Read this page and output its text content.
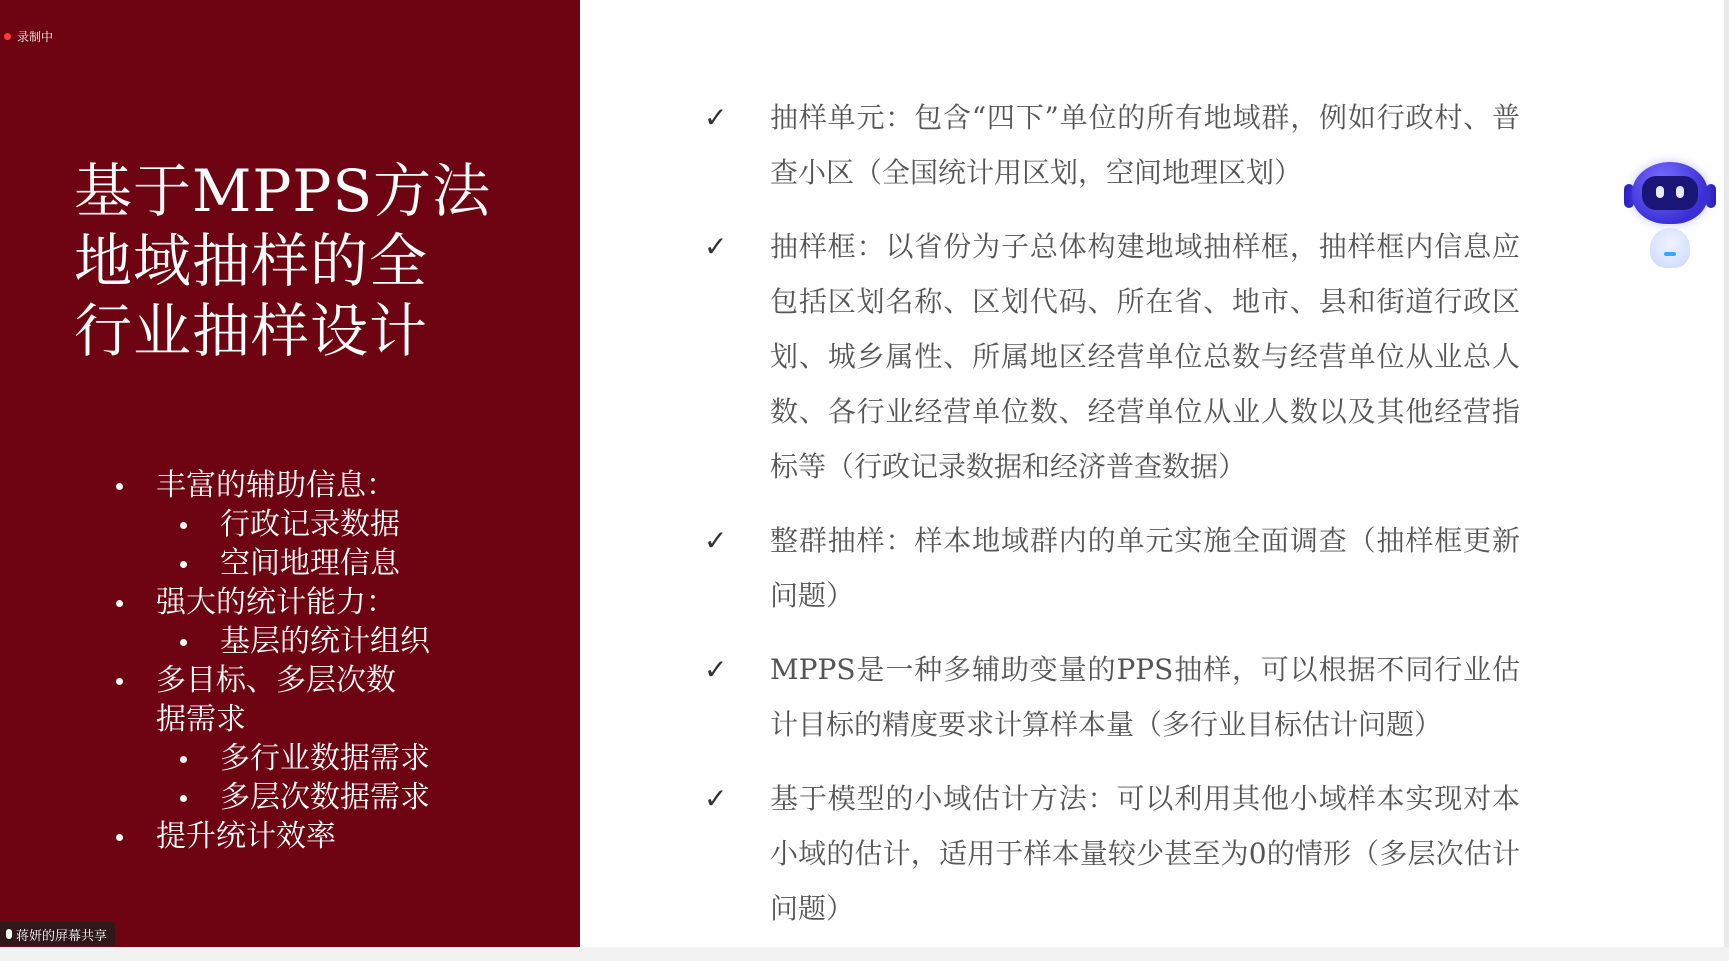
录制中
基于MPPS方法
地域抽样的全
行业抽样设计
丰富的辅助信息：
行政记录数据
空间地理信息
强大的统计能力：
基层的统计组织
多目标、多层次数据需求
多行业数据需求
多层次数据需求
提升统计效率
蒋妍的屏幕共享
✓ 抽样单元：包含“四下”单位的所有地域群，例如行政村、普查小区（全国统计用区划，空间地理区划）
✓ 抽样框：以省份为子总体构建地域抽样框，抽样框内信息应包括区划名称、区划代码、所在省、地市、县和街道行政区划、城乡属性、所属地区经营单位总数与经营单位从业总人数、各行业经营单位数、经营单位从业人数以及其他经营指标等（行政记录数据和经济普查数据）
✓ 整群抽样：样本地域群内的单元实施全面调查（抽样框更新问题）
✓ MPPS是一种多辅助变量的PPS抽样，可以根据不同行业估计目标的精度要求计算样本量（多行业目标估计问题）
✓ 基于模型的小域估计方法：可以利用其他小域样本实现对本小域的估计，适用于样本量较少甚至为0的情形（多层次估计问题）
